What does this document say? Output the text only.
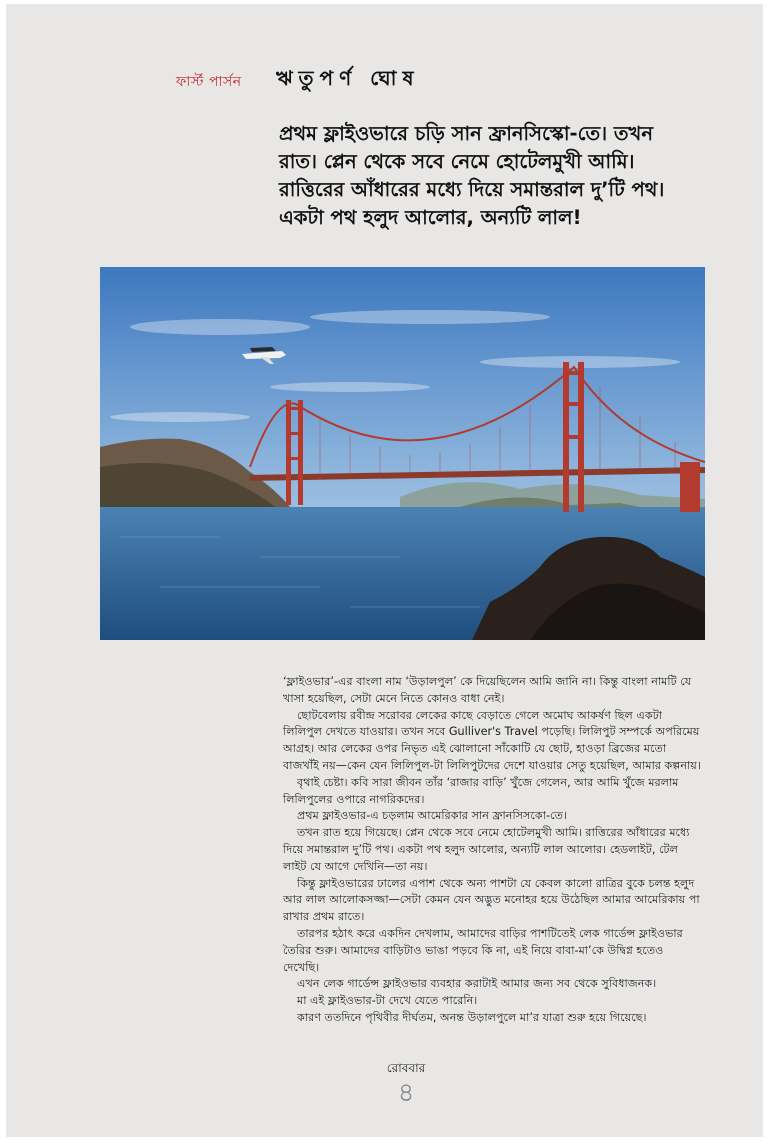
ফার্স্ট পার্সন ঋতুপর্ণ ঘোষ

প্রথম ফ্লাইওভারে চড়ি সান ফ্রানসিস্কো-তে। তখন

রাত। প্লেন থেকে সবে নেমে হোটেলমুখী আমি।

রাত্তিরের আঁধারের মধ্যে দিয়ে সমান্তরাল দু’টি পথ।

একটা পথ হলুদ আলোর, অন্যটি লাল!

‘ফ্লাইওভার’-এর বাংলা নাম ‘উড়ালপুল’ কে দিয়েছিলেন আমি জানি না। কিন্তু বাংলা নামটি যে খাসা হয়েছিল, সেটা মেনে নিতে কোনও বাধা নেই।

ছোটবেলায় রবীন্দ্র সরোবর লেকের কাছে বেড়াতে গেলে অমোঘ আকর্ষণ ছিল একটা লিলিপুল দেখতে যাওয়ার। তখন সবে Gulliver's Travel পড়েছি। লিলিপুট সম্পর্কে অপরিমেয় আগ্রহ। আর লেকের ওপর নিভৃত এই ঝোলানো সাঁকোটি যে ছোট, হাওড়া ব্রিজের মতো বাজখাঁই নয়—কেন যেন লিলিপুল-টা লিলিপুটদের দেশে যাওয়ার সেতু হয়েছিল, আমার কল্পনায়।

বৃথাই চেষ্টা। কবি সারা জীবন তাঁর ‘রাজার বাড়ি’ খুঁজে গেলেন, আর আমি খুঁজে মরলাম লিলিপুলের ওপারে নাগরিকদের।

প্রথম ফ্লাইওভার-এ চড়লাম আমেরিকার সান ফ্রানসিসকো-তে।

তখন রাত হয়ে গিয়েছে। প্লেন থেকে সবে নেমে হোটেলমুখী আমি। রাত্তিরের আঁধারের মধ্যে দিয়ে সমান্তরাল দু’টি পথ। একটা পথ হলুদ আলোর, অন্যটি লাল আলোর। হেডলাইট, টেল লাইট যে আগে দেখিনি—তা নয়।

কিন্তু ফ্লাইওভারের ঢালের এপাশ থেকে অন্য পাশটা যে কেবল কালো রাত্রির বুকে চলন্ত হলুদ আর লাল আলোকসজ্জা—সেটা কেমন যেন অদ্ভুত মনোহর হয়ে উঠেছিল আমার আমেরিকায় পা রাখার প্রথম রাতে।

তারপর হঠাৎ করে একদিন দেখলাম, আমাদের বাড়ির পাশটিতেই লেক গার্ডেন্স ফ্লাইওভার তৈরির শুরু। আমাদের বাড়িটাও ভাঙা পড়বে কি না, এই নিয়ে বাবা-মা’কে উদ্বিগ্ন হতেও দেখেছি।

এখন লেক গার্ডেন্স ফ্লাইওভার ব্যবহার করাটাই আমার জন্য সব থেকে সুবিধাজনক।

মা এই ফ্লাইওভার-টা দেখে যেতে পারেনি।

কারণ ততদিনে পৃথিবীর দীর্ঘতম, অনন্ত উড়ালপুলে মা’র যাত্রা শুরু হয়ে গিয়েছে।

রোববার
৪
